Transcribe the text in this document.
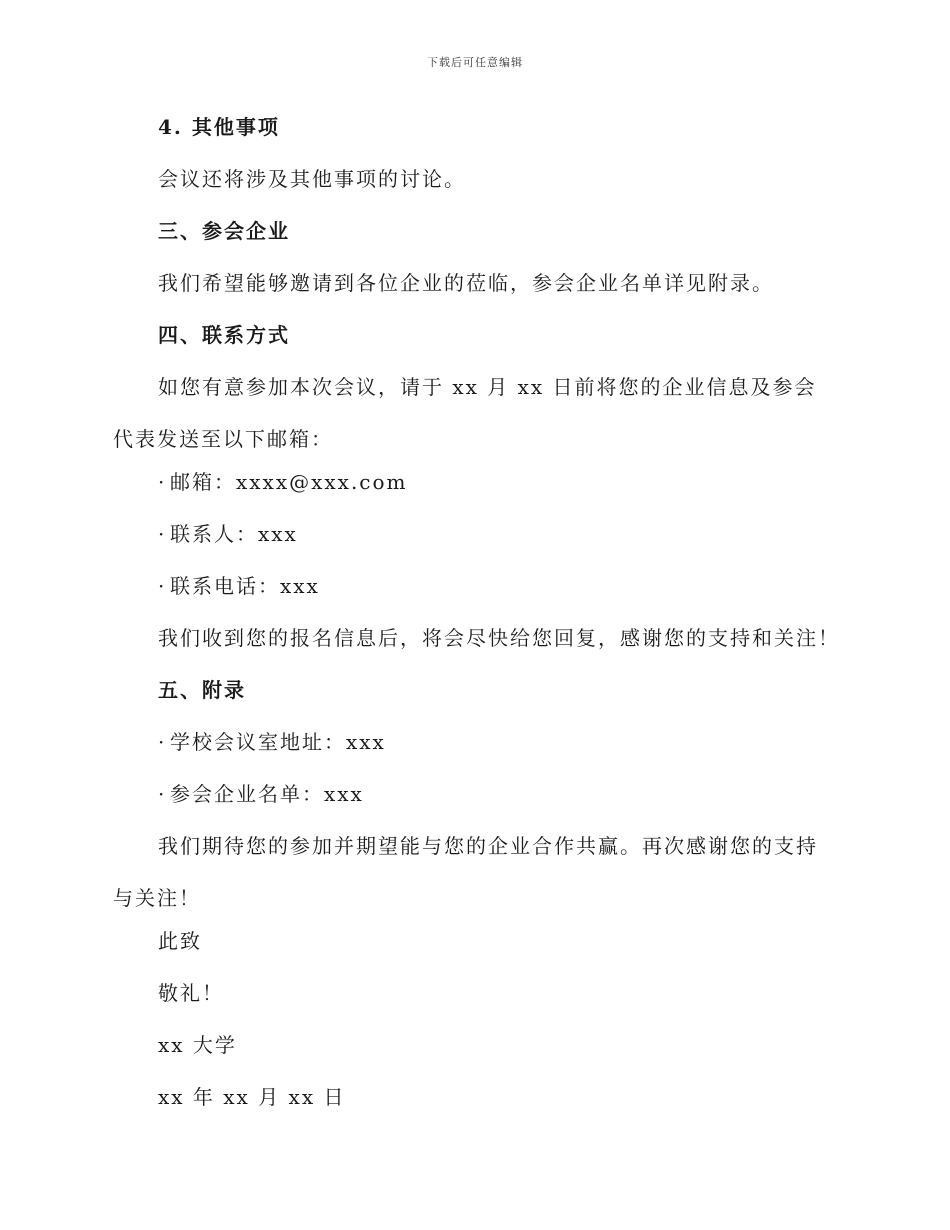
下载后可任意编辑
4. 其他事项
会议还将涉及其他事项的讨论。
三、参会企业
我们希望能够邀请到各位企业的莅临，参会企业名单详见附录。
四、联系方式
如您有意参加本次会议，请于 xx 月 xx 日前将您的企业信息及参会代表发送至以下邮箱：
· 邮箱：xxxx@xxx.com
· 联系人：xxx
· 联系电话：xxx
我们收到您的报名信息后，将会尽快给您回复，感谢您的支持和关注！
五、附录
· 学校会议室地址：xxx
· 参会企业名单：xxx
我们期待您的参加并期望能与您的企业合作共赢。再次感谢您的支持与关注！
此致
敬礼！
xx 大学
xx 年 xx 月 xx 日
